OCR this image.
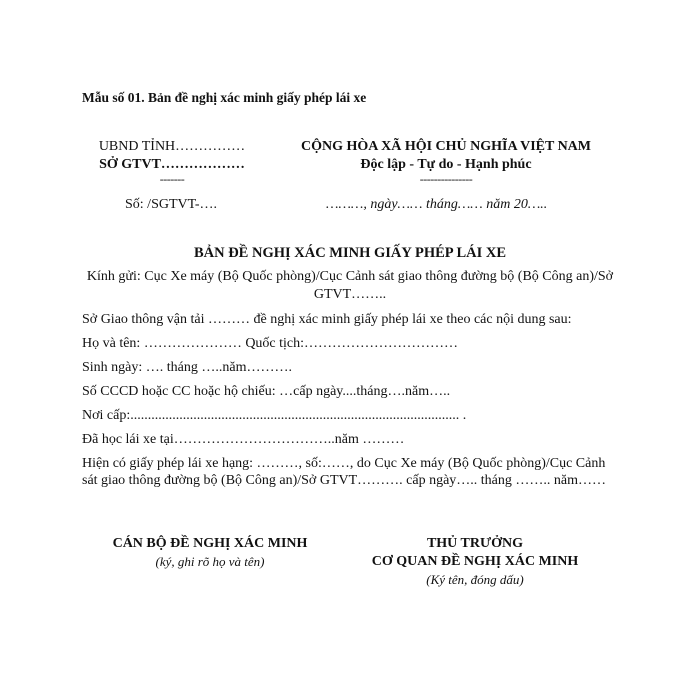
Mẫu số 01. Bản đề nghị xác minh giấy phép lái xe
UBND TỈNH……………
SỞ GTVT………………
-------
CỘNG HÒA XÃ HỘI CHỦ NGHĨA VIỆT NAM
Độc lập - Tự do - Hạnh phúc
---------------
Số: /SGTVT-….	………, ngày…… tháng…… năm 20…..
BẢN ĐỀ NGHỊ XÁC MINH GIẤY PHÉP LÁI XE
Kính gửi: Cục Xe máy (Bộ Quốc phòng)/Cục Cảnh sát giao thông đường bộ (Bộ Công an)/Sở GTVT……..
Sở Giao thông vận tải ……… đề nghị xác minh giấy phép lái xe theo các nội dung sau:
Họ và tên: ………………… Quốc tịch:……………………………
Sinh ngày: …. tháng …..năm……….
Số CCCD hoặc CC hoặc hộ chiếu: …cấp ngày....tháng….năm…..
Nơi cấp:.............................................................................................. .
Đã học lái xe tại……………………………..năm ………
Hiện có giấy phép lái xe hạng: ………, số:……, do Cục Xe máy (Bộ Quốc phòng)/Cục Cảnh sát giao thông đường bộ (Bộ Công an)/Sở GTVT………. cấp ngày….. tháng …….. năm……
CÁN BỘ ĐỀ NGHỊ XÁC MINH
(ký, ghi rõ họ và tên)
THỦ TRƯỞNG
CƠ QUAN ĐỀ NGHỊ XÁC MINH
(Ký tên, đóng dấu)
